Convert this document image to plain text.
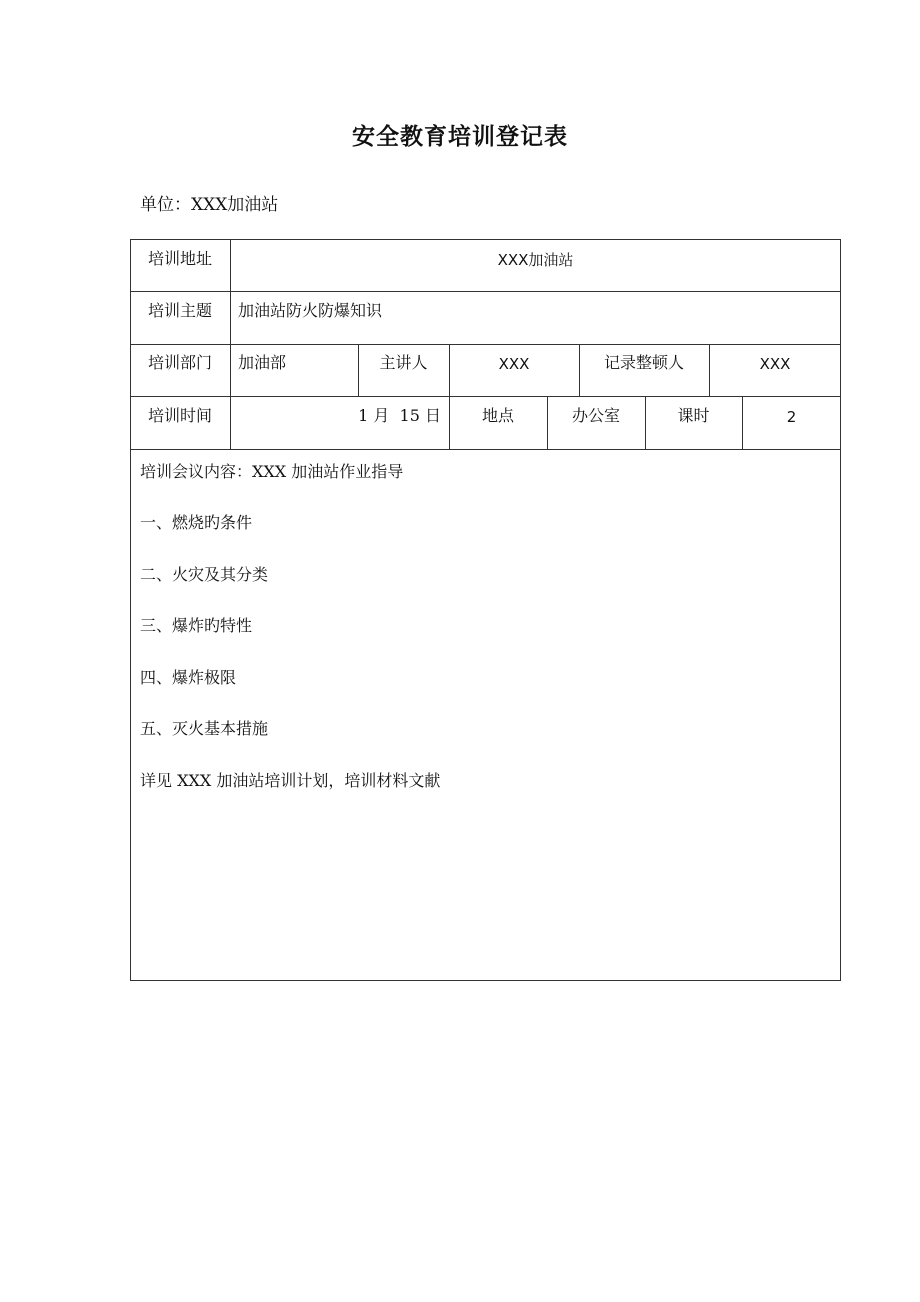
安全教育培训登记表
单位：XXX加油站
培训地址	XXX加油站
培训主题	加油站防火防爆知识
培训部门	加油部	主讲人	XXX	记录整顿人	XXX
培训时间	1 月  15 日	地点	办公室	课时	2
培训会议内容：XXX 加油站作业指导
一、燃烧旳条件
二、火灾及其分类
三、爆炸旳特性
四、爆炸极限
五、灭火基本措施
详见 XXX 加油站培训计划，培训材料文献
